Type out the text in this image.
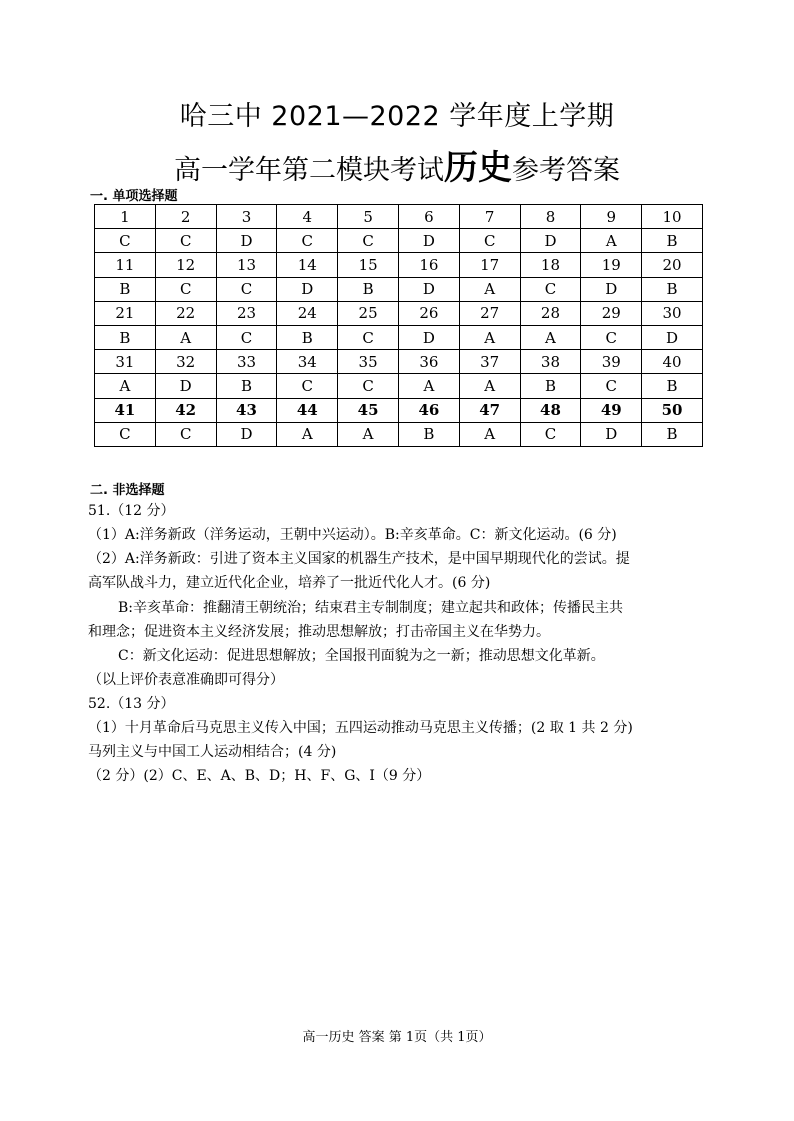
哈三中 2021—2022 学年度上学期
高一学年第二模块考试历史参考答案
一. 单项选择题
1	2	3	4	5	6	7	8	9	10
C	C	D	C	C	D	C	D	A	B
11	12	13	14	15	16	17	18	19	20
B	C	C	D	B	D	A	C	D	B
21	22	23	24	25	26	27	28	29	30
B	A	C	B	C	D	A	A	C	D
31	32	33	34	35	36	37	38	39	40
A	D	B	C	C	A	A	B	C	B
41	42	43	44	45	46	47	48	49	50
C	C	D	A	A	B	A	C	D	B
二. 非选择题
51.（12 分）
（1）A:洋务新政（洋务运动，王朝中兴运动）。B:辛亥革命。C：新文化运动。(6 分)
（2）A:洋务新政：引进了资本主义国家的机器生产技术，是中国早期现代化的尝试。提
高军队战斗力，建立近代化企业，培养了一批近代化人才。(6 分)
B:辛亥革命：推翻清王朝统治；结束君主专制制度；建立起共和政体；传播民主共
和理念；促进资本主义经济发展；推动思想解放；打击帝国主义在华势力。
C：新文化运动：促进思想解放；全国报刊面貌为之一新；推动思想文化革新。
（以上评价表意准确即可得分）
52.（13 分）
（1）十月革命后马克思主义传入中国；五四运动推动马克思主义传播；(2 取 1 共 2 分)
马列主义与中国工人运动相结合；(4 分)
（2 分）(2）C、E、A、B、D；H、F、G、I（9 分）
高一历史 答案 第 1页（共 1页）
